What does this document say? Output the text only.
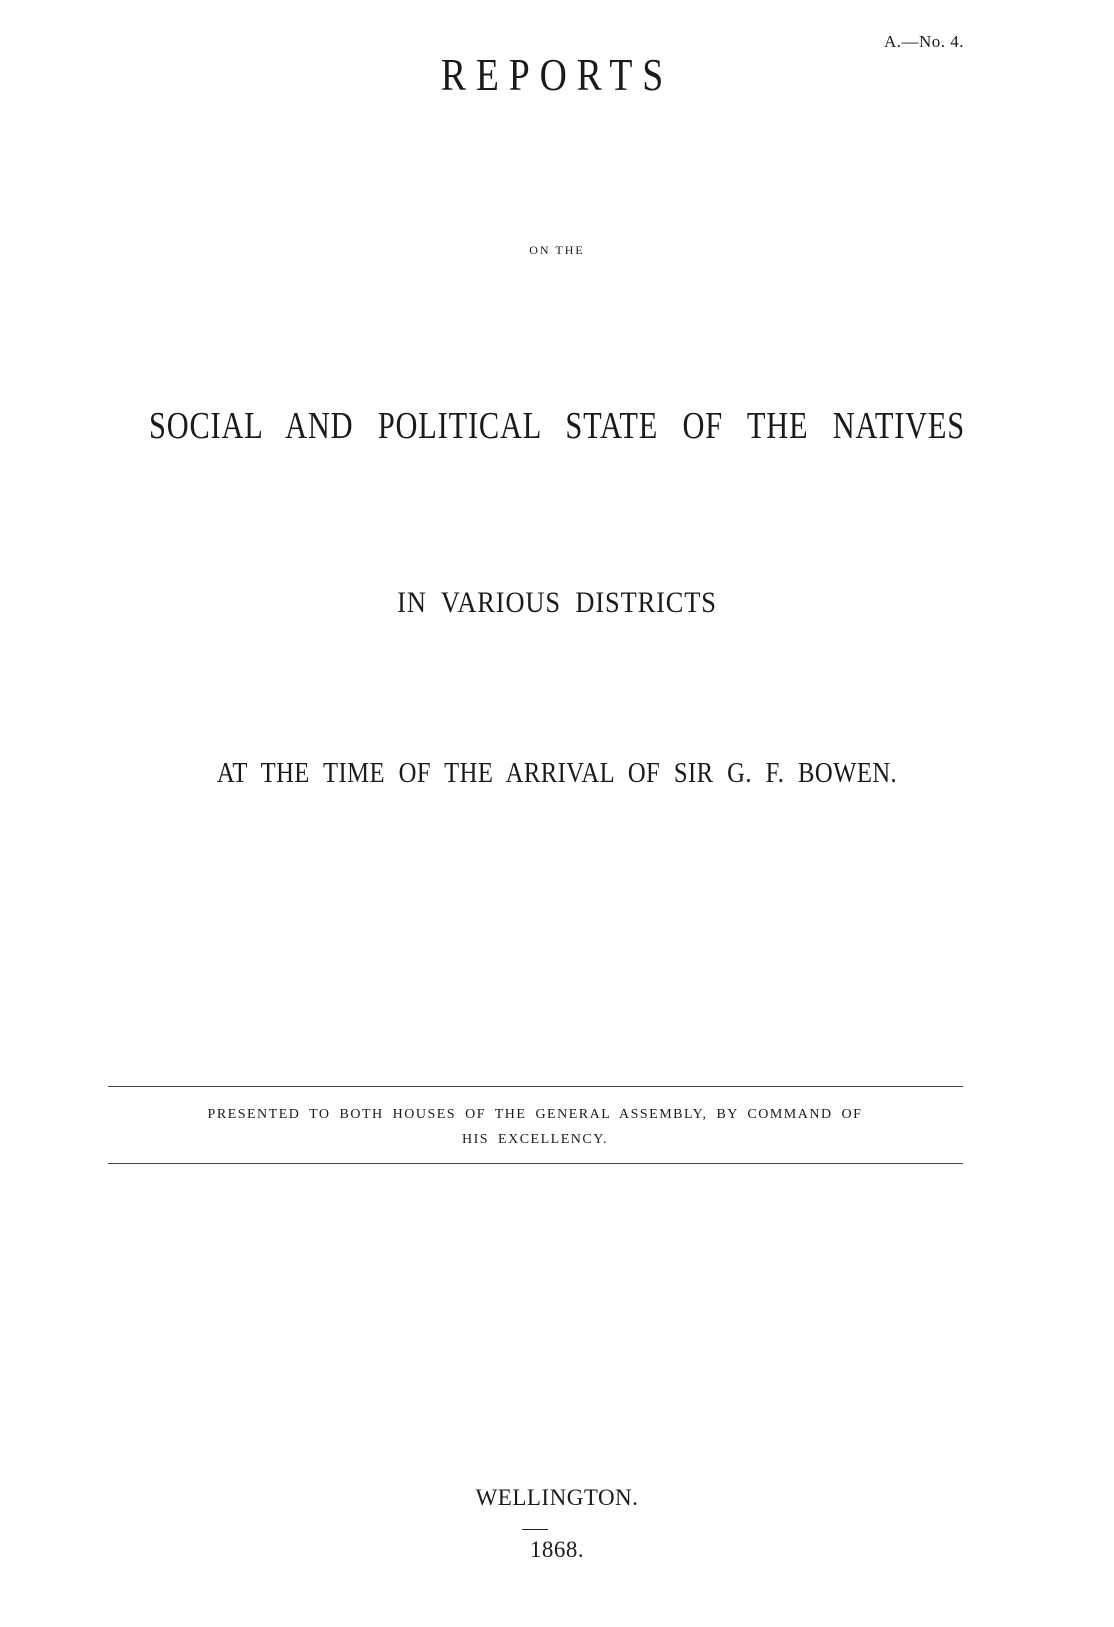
A.—No. 4.
REPORTS
ON THE
SOCIAL AND POLITICAL STATE OF THE NATIVES
IN VARIOUS DISTRICTS
AT THE TIME OF THE ARRIVAL OF SIR G. F. BOWEN.
PRESENTED TO BOTH HOUSES OF THE GENERAL ASSEMBLY, BY COMMAND OF
HIS EXCELLENCY.
WELLINGTON.
1868.
